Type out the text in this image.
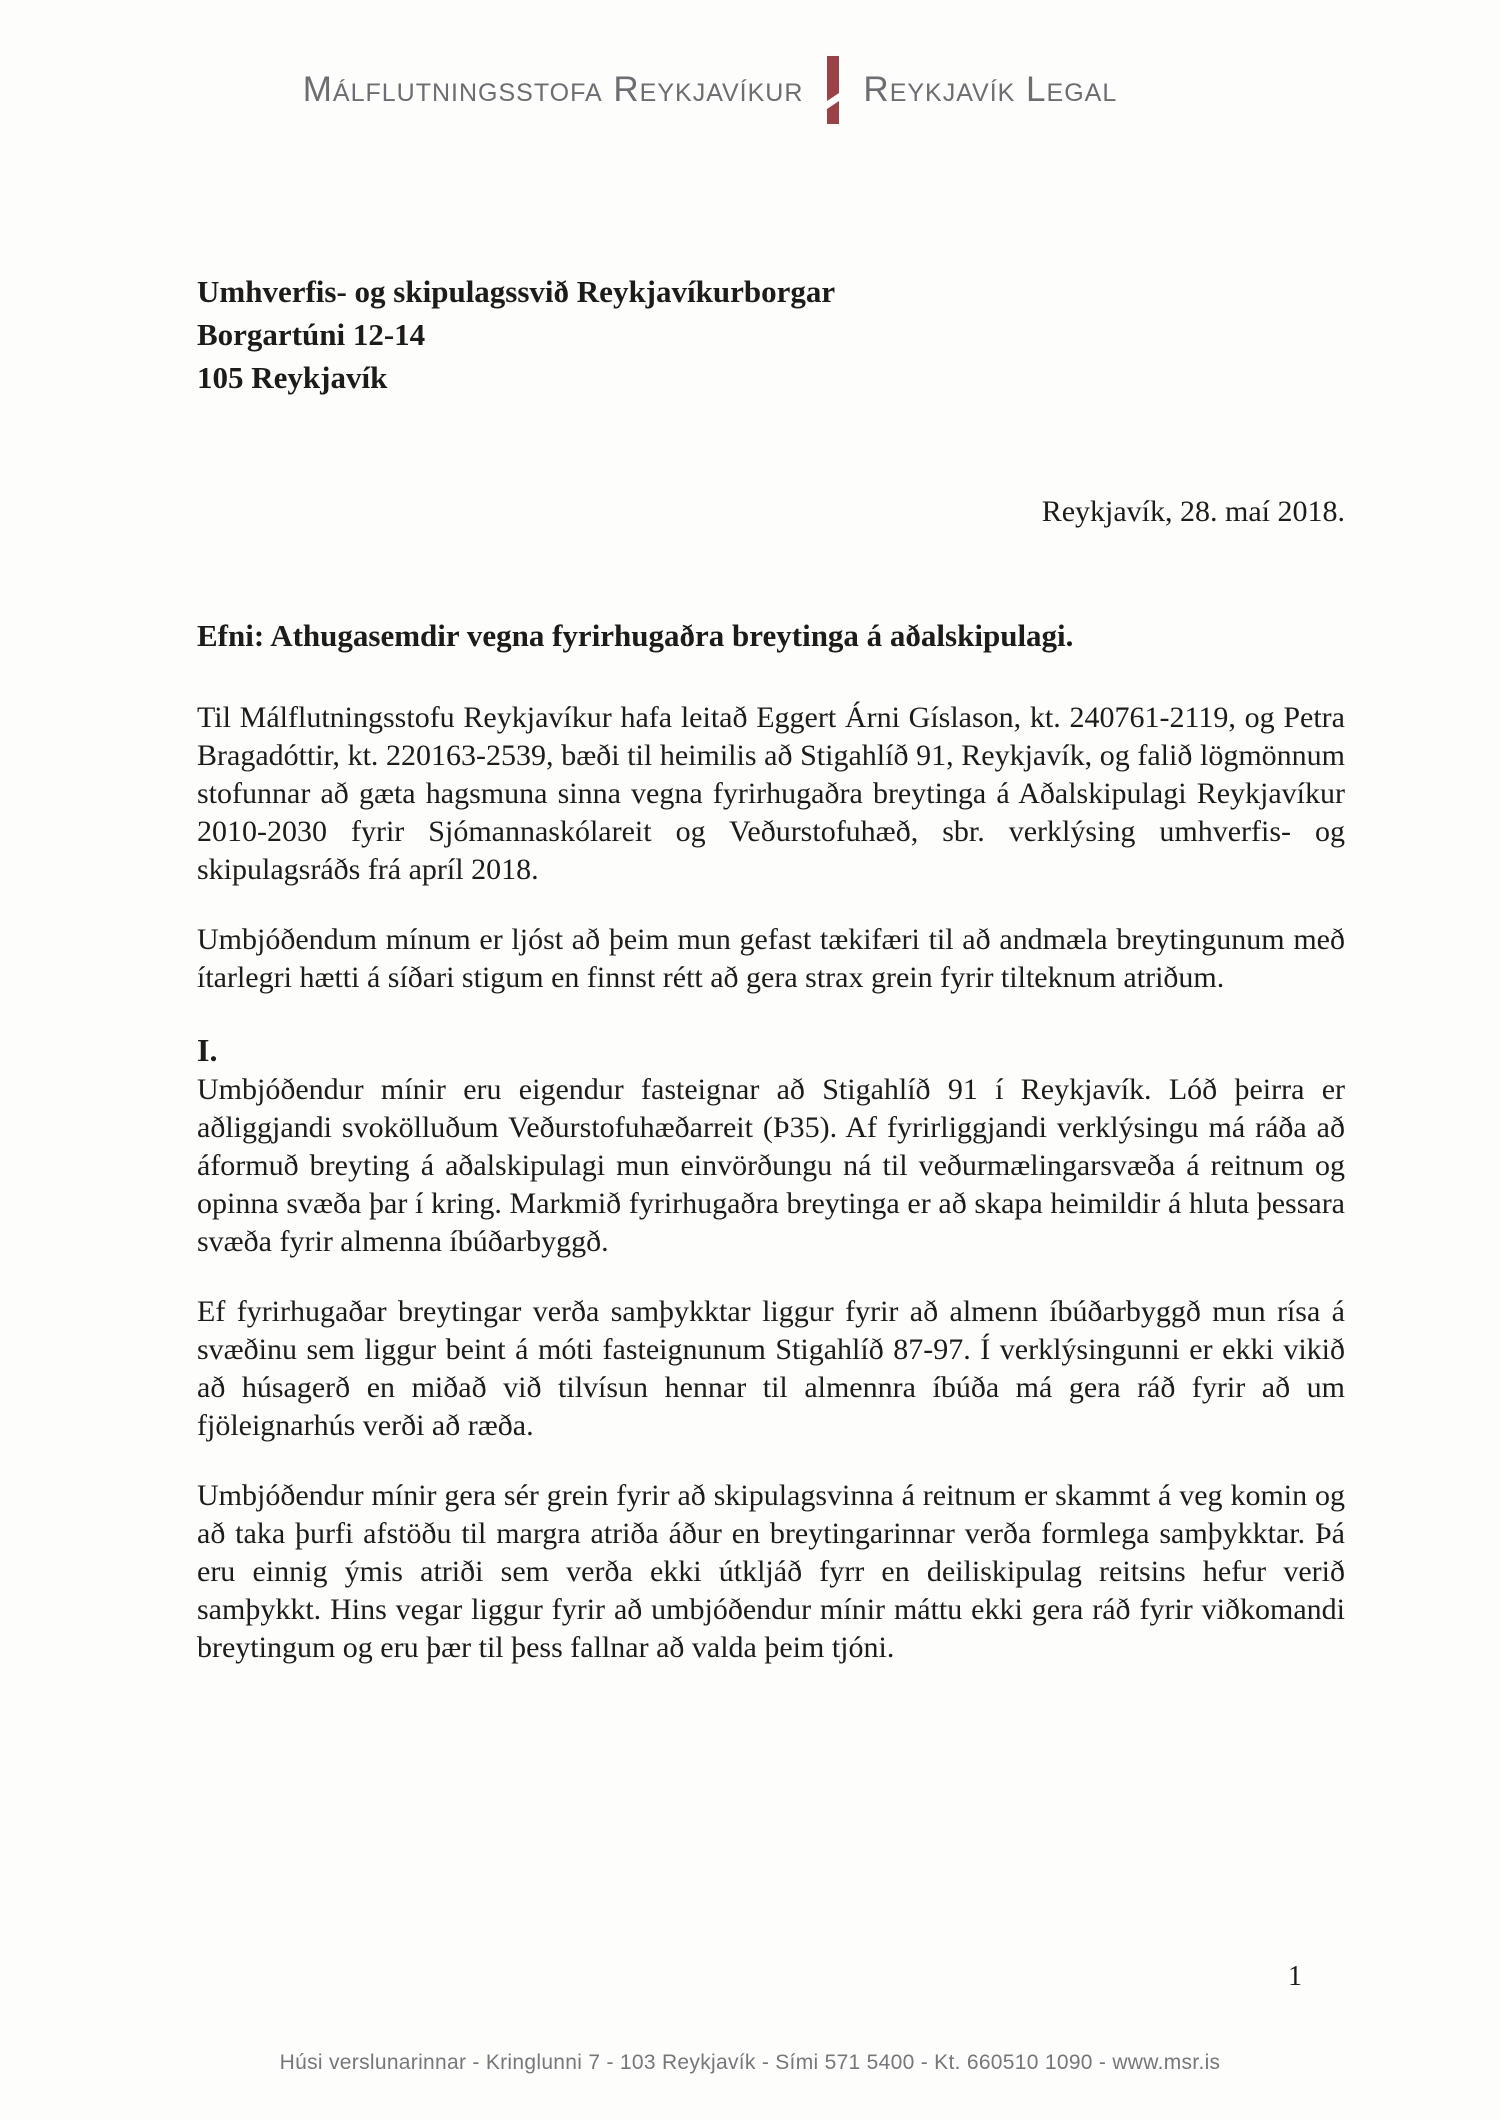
Málflutningsstofa Reykjavíkur Reykjavík Legal
Umhverfis- og skipulagssvið Reykjavíkurborgar
Borgartúni 12-14
105 Reykjavík
Reykjavík, 28. maí 2018.
Efni: Athugasemdir vegna fyrirhugaðra breytinga á aðalskipulagi.

Til Málflutningsstofu Reykjavíkur hafa leitað Eggert Árni Gíslason, kt. 240761-2119, og Petra Bragadóttir, kt. 220163-2539, bæði til heimilis að Stigahlíð 91, Reykjavík, og falið lögmönnum stofunnar að gæta hagsmuna sinna vegna fyrirhugaðra breytinga á Aðalskipulagi Reykjavíkur 2010-2030 fyrir Sjómannaskólareit og Veðurstofuhæð, sbr. verklýsing umhverfis- og skipulagsráðs frá apríl 2018.

Umbjóðendum mínum er ljóst að þeim mun gefast tækifæri til að andmæla breytingunum með ítarlegri hætti á síðari stigum en finnst rétt að gera strax grein fyrir tilteknum atriðum.

I.

Umbjóðendur mínir eru eigendur fasteignar að Stigahlíð 91 í Reykjavík. Lóð þeirra er aðliggjandi svokölluðum Veðurstofuhæðarreit (Þ35). Af fyrirliggjandi verklýsingu má ráða að áformuð breyting á aðalskipulagi mun einvörðungu ná til veðurmælingarsvæða á reitnum og opinna svæða þar í kring. Markmið fyrirhugaðra breytinga er að skapa heimildir á hluta þessara svæða fyrir almenna íbúðarbyggð.

Ef fyrirhugaðar breytingar verða samþykktar liggur fyrir að almenn íbúðarbyggð mun rísa á svæðinu sem liggur beint á móti fasteignunum Stigahlíð 87-97. Í verklýsingunni er ekki vikið að húsagerð en miðað við tilvísun hennar til almennra íbúða má gera ráð fyrir að um fjöleignarhús verði að ræða.

Umbjóðendur mínir gera sér grein fyrir að skipulagsvinna á reitnum er skammt á veg komin og að taka þurfi afstöðu til margra atriða áður en breytingarinnar verða formlega samþykktar. Þá eru einnig ýmis atriði sem verða ekki útkljáð fyrr en deiliskipulag reitsins hefur verið samþykkt. Hins vegar liggur fyrir að umbjóðendur mínir máttu ekki gera ráð fyrir viðkomandi breytingum og eru þær til þess fallnar að valda þeim tjóni.

1
Húsi verslunarinnar - Kringlunni 7 - 103 Reykjavík - Sími 571 5400 - Kt. 660510 1090 - www.msr.is
